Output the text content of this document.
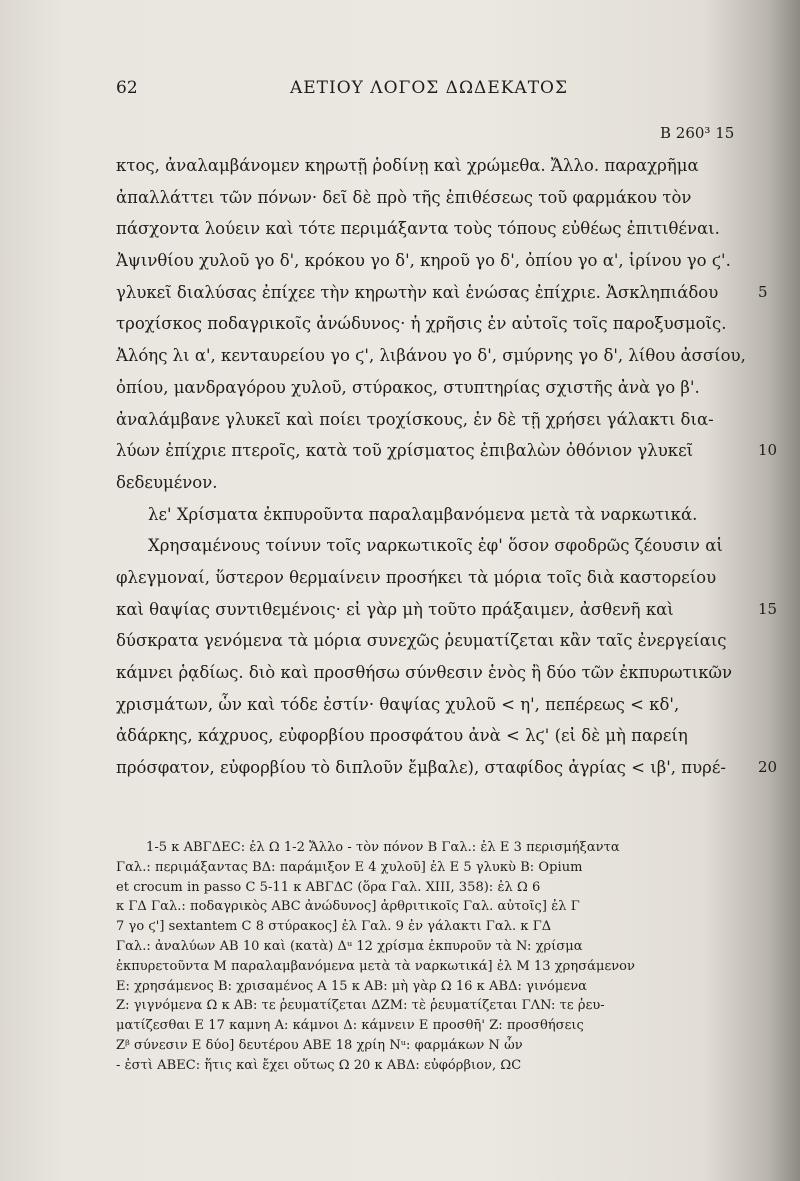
62	ΑΕΤΙΟΥ ΛΟΓΟΣ ΔΩΔΕΚΑΤΟΣ
B 260³ 15
κτος, ἀναλαμβάνομεν κηρωτῇ ῥοδίνῃ καὶ χρώμεθα. Ἄλλο. παραχρῆμα
ἀπαλλάττει τῶν πόνων· δεῖ δὲ πρὸ τῆς ἐπιθέσεως τοῦ φαρμάκου τὸν
πάσχοντα λούειν καὶ τότε περιμάξαντα τοὺς τόπους εὐθέως ἐπιτιθέναι.
Ἀψινθίου χυλοῦ γο δ', κρόκου γο δ', κηροῦ γο δ', ὀπίου γο α', ἰρίνου γο ϛ'.
γλυκεῖ διαλύσας ἐπίχεε τὴν κηρωτὴν καὶ ἑνώσας ἐπίχριε. Ἀσκληπιάδου	5
τροχίσκος ποδαγρικοῖς ἀνώδυνος· ἡ χρῆσις ἐν αὐτοῖς τοῖς παροξυσμοῖς.
Ἀλόης λι α', κενταυρείου γο ϛ', λιβάνου γο δ', σμύρνης γο δ', λίθου ἀσσίου,
ὀπίου, μανδραγόρου χυλοῦ, στύρακος, στυπτηρίας σχιστῆς ἀνὰ γο β'.
ἀναλάμβανε γλυκεῖ καὶ ποίει τροχίσκους, ἐν δὲ τῇ χρήσει γάλακτι δια-
λύων ἐπίχριε πτεροῖς, κατὰ τοῦ χρίσματος ἐπιβαλὼν ὀθόνιον γλυκεῖ	10
δεδευμένον.
λε' Χρίσματα ἐκπυροῦντα παραλαμβανόμενα μετὰ τὰ ναρκωτικά.
Χρησαμένους τοίνυν τοῖς ναρκωτικοῖς ἐφ' ὅσον σφοδρῶς ζέουσιν αἱ
φλεγμοναί, ὕστερον θερμαίνειν προσήκει τὰ μόρια τοῖς διὰ καστορείου
καὶ θαψίας συντιθεμένοις· εἰ γὰρ μὴ τοῦτο πράξαιμεν, ἀσθενῆ καὶ	15
δύσκρατα γενόμενα τὰ μόρια συνεχῶς ῥευματίζεται κἂν ταῖς ἐνεργείαις
κάμνει ῥᾳδίως. διὸ καὶ προσθήσω σύνθεσιν ἑνὸς ἢ δύο τῶν ἐκπυρωτικῶν
χρισμάτων, ὧν καὶ τόδε ἐστίν· θαψίας χυλοῦ < η', πεπέρεως < κδ',
ἀδάρκης, κάχρυος, εὐφορβίου προσφάτου ἀνὰ < λϛ' (εἰ δὲ μὴ παρείη
πρόσφατον, εὐφορβίου τὸ διπλοῦν ἔμβαλε), σταφίδος ἀγρίας < ιβ', πυρέ- 20
1-5 κ ΑΒΓΔΕC: ἐλ Ω 1-2 Ἄλλο - τὸν πόνον B Γαλ.: ἐλ E 3 περισμήξαντα
Γαλ.: περιμάξαντας BΔ: παράμιξον E 4 χυλοῦ] ἐλ E 5 γλυκὺ B: Opium
et crocum in passo C 5-11 κ ΑΒΓΔC (ὅρα Γαλ. XIII, 358): ἐλ Ω 6
κ ΓΔ Γαλ.: ποδαγρικὸς ABC ἀνώδυνος] ἀρθριτικοῖς Γαλ. αὐτοῖς] ἐλ Γ
7 γο ϛ'] sextantem C 8 στύρακος] ἐλ Γαλ. 9 ἐν γάλακτι Γαλ. κ ΓΔ
Γαλ.: ἀναλύων AB 10 καὶ (κατὰ) Δᵘ 12 χρίσμα ἐκπυροῦν τὰ N: χρίσμα
ἐκπυρετοῦντα M παραλαμβανόμενα μετὰ τὰ ναρκωτικά] ἐλ M 13 χρησάμενον
E: χρησάμενος B: χρισαμένος A 15 κ AB: μὴ γὰρ Ω 16 κ ABΔ: γινόμενα
Z: γιγνόμενα Ω κ AB: τε ῥευματίζεται ΔZM: τὲ ῥευματίζεται ΓΛN: τε ῥευ-
ματίζεσθαι E 17 καμνη A: κάμνοι Δ: κάμνειν E προσθῆ' Z: προσθήσεις
Zᵝ σύνεσιν E δύο] δευτέρου ABE 18 χρίη Nᵘ: φαρμάκων N ὧν
- ἐστὶ ABEC: ἥτις καὶ ἔχει οὕτως Ω 20 κ ABΔ: εὐφόρβιον, ΩC
